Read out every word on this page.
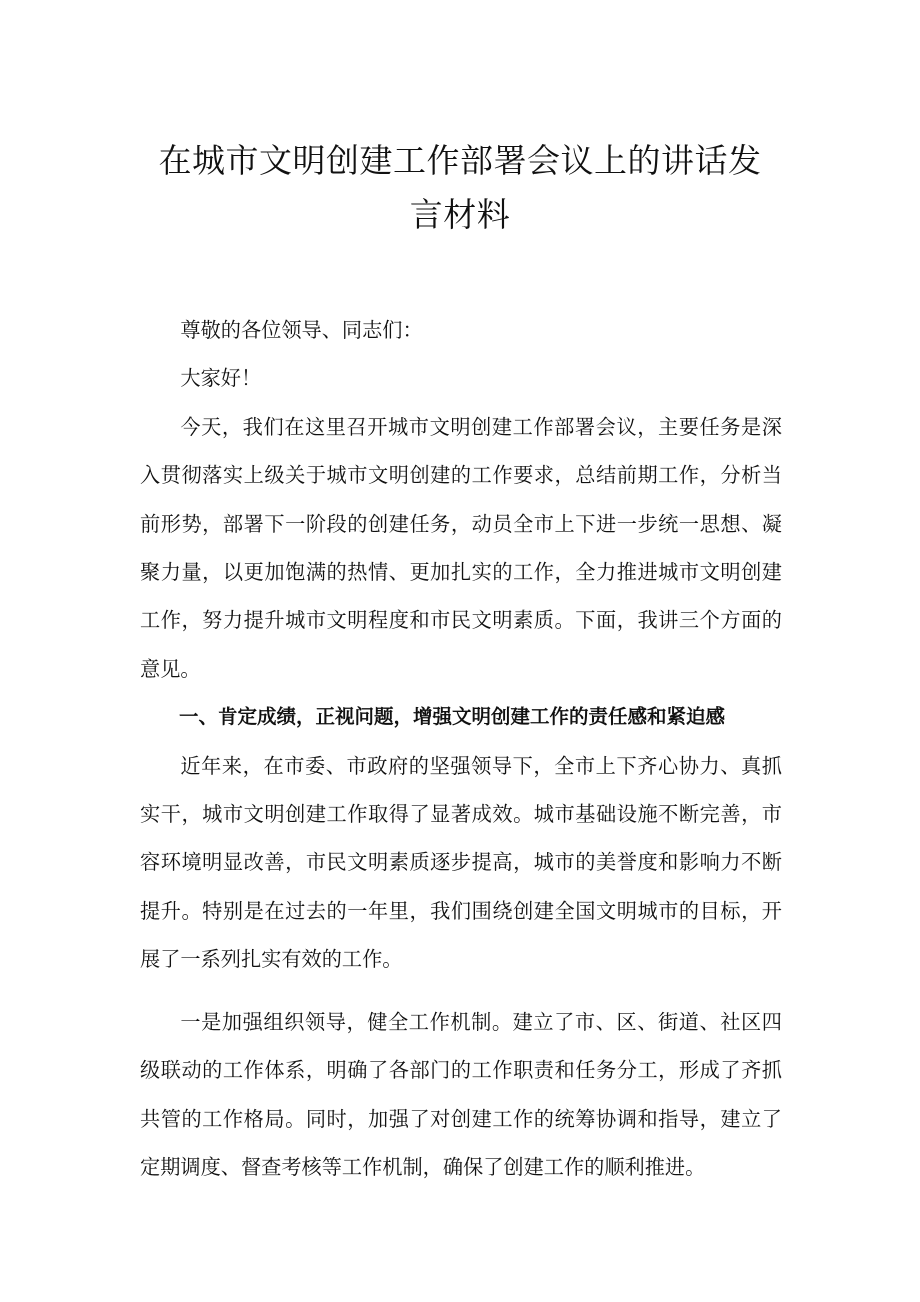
在城市文明创建工作部署会议上的讲话发
言材料

尊敬的各位领导、同志们：

大家好！

今天，我们在这里召开城市文明创建工作部署会议，主要任务是深入贯彻落实上级关于城市文明创建的工作要求，总结前期工作，分析当前形势，部署下一阶段的创建任务，动员全市上下进一步统一思想、凝聚力量，以更加饱满的热情、更加扎实的工作，全力推进城市文明创建工作，努力提升城市文明程度和市民文明素质。下面，我讲三个方面的意见。

一、肯定成绩，正视问题，增强文明创建工作的责任感和紧迫感

近年来，在市委、市政府的坚强领导下，全市上下齐心协力、真抓实干，城市文明创建工作取得了显著成效。城市基础设施不断完善，市容环境明显改善，市民文明素质逐步提高，城市的美誉度和影响力不断提升。特别是在过去的一年里，我们围绕创建全国文明城市的目标，开展了一系列扎实有效的工作。

一是加强组织领导，健全工作机制。建立了市、区、街道、社区四级联动的工作体系，明确了各部门的工作职责和任务分工，形成了齐抓共管的工作格局。同时，加强了对创建工作的统筹协调和指导，建立了定期调度、督查考核等工作机制，确保了创建工作的顺利推进。
